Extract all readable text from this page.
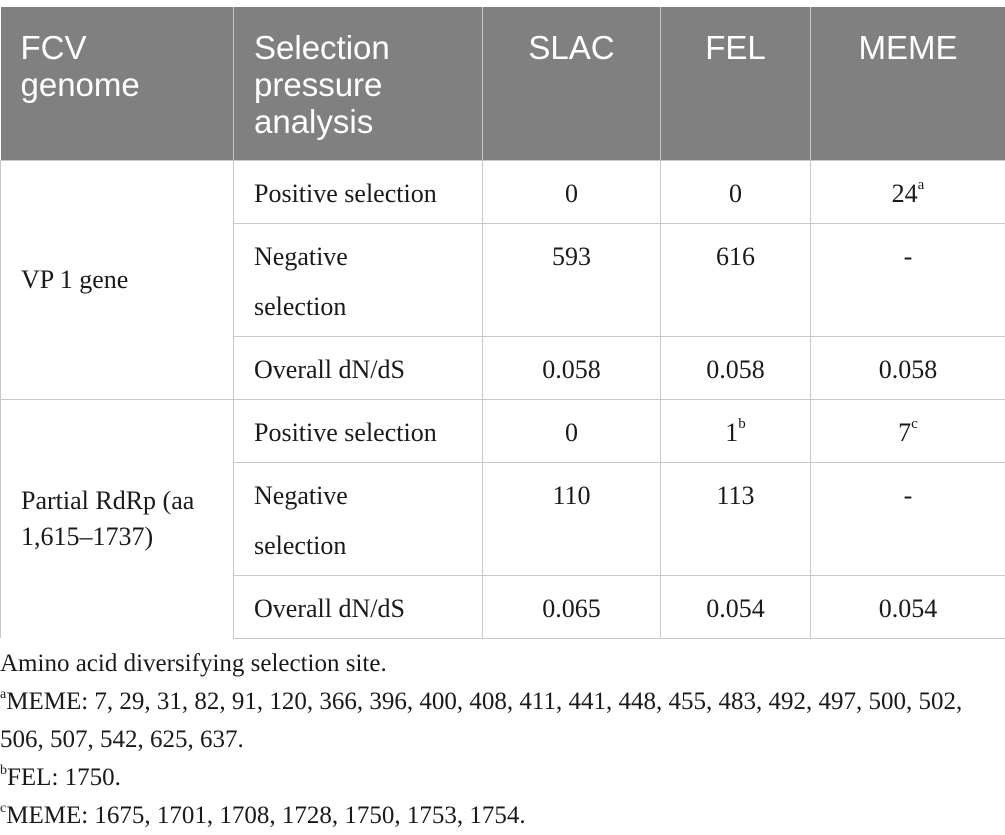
FCV
genome	Selection
pressure
analysis	SLAC	FEL	MEME
VP 1 gene	Positive selection	0	0	24$^a$
	Negative
selection	593	616	-
	Overall dN/dS	0.058	0.058	0.058
Partial RdRp (aa
1,615–1737)	Positive selection	0	1$^b$	7$^c$
	Negative
selection	110	113	-
	Overall dN/dS	0.065	0.054	0.054

Amino acid diversifying selection site.

$^a$MEME: 7, 29, 31, 82, 91, 120, 366, 396, 400, 408, 411, 441, 448, 455, 483, 492, 497, 500, 502,

506, 507, 542, 625, 637.

$^b$FEL: 1750.

$^c$MEME: 1675, 1701, 1708, 1728, 1750, 1753, 1754.
